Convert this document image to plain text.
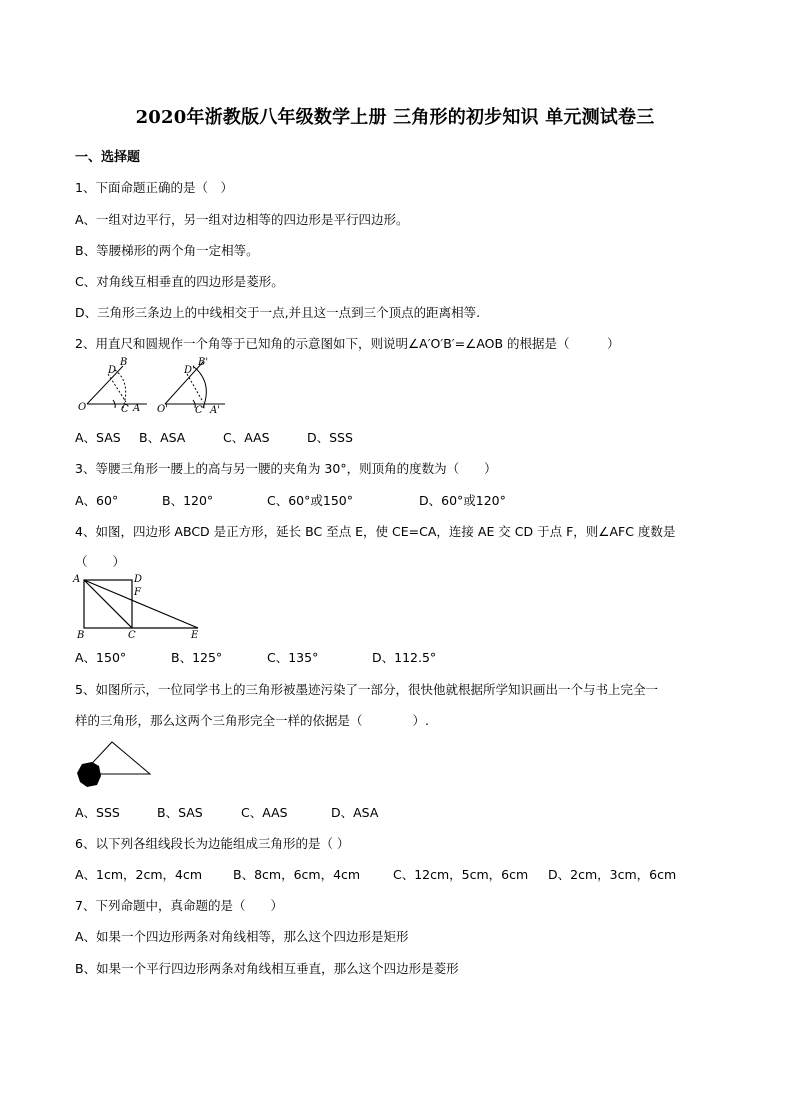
2020年浙教版八年级数学上册 三角形的初步知识 单元测试卷三
一、选择题
1、下面命题正确的是（　）
A、一组对边平行，另一组对边相等的四边形是平行四边形。
B、等腰梯形的两个角一定相等。
C、对角线互相垂直的四边形是菱形。
D、三角形三条边上的中线相交于一点,并且这一点到三个顶点的距离相等.
2、用直尺和圆规作一个角等于已知角的示意图如下，则说明∠A′O′B′=∠AOB 的根据是（　　　）
O	C A
D
B
O'	C' A'
D'
B'
A、SAS B、ASA	C、AAS	D、SSS
3、等腰三角形一腰上的高与另一腰的夹角为 30°，则顶角的度数为（　　）
A、60°	B、120°	C、60°或150°	D、60°或120°
4、如图，四边形 ABCD 是正方形，延长 BC 至点 E，使 CE=CA，连接 AE 交 CD 于点 F，则∠AFC 度数是
（　　）
A	D
F
B	C	E
A、150°	B、125°	C、135°	D、112.5°
5、如图所示，一位同学书上的三角形被墨迹污染了一部分，很快他就根据所学知识画出一个与书上完全一
样的三角形，那么这两个三角形完全一样的依据是（　　　　）.
A、SSS	B、SAS	C、AAS	D、ASA
6、以下列各组线段长为边能组成三角形的是（ ）
A、1cm，2cm，4cm B、8cm，6cm，4cm	C、12cm，5cm，6cm D、2cm，3cm，6cm
7、下列命题中，真命题的是（　　）
A、如果一个四边形两条对角线相等，那么这个四边形是矩形
B、如果一个平行四边形两条对角线相互垂直，那么这个四边形是菱形
